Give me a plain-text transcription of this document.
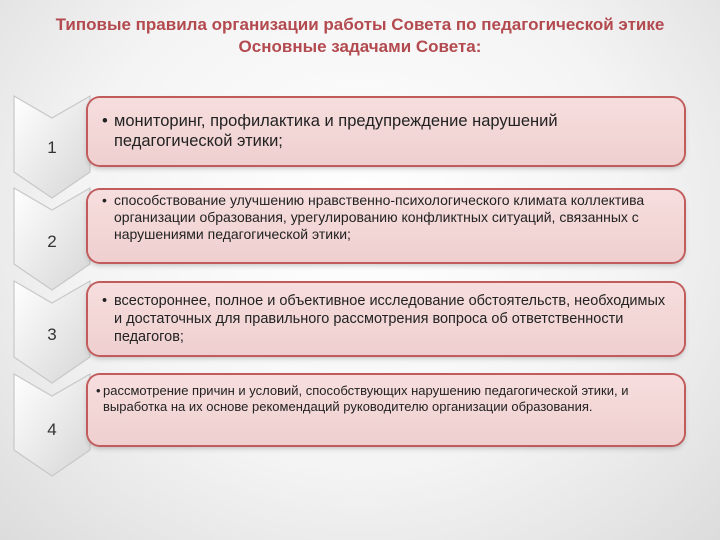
Типовые правила организации работы Совета по педагогической этике
Основные задачами Совета:
1
• мониторинг, профилактика и предупреждение нарушений педагогической этики;
2
• способствование улучшению нравственно-психологического климата коллектива организации образования, урегулированию конфликтных ситуаций, связанных с нарушениями педагогической этики;
3
• всестороннее, полное и объективное исследование обстоятельств, необходимых и достаточных для правильного рассмотрения вопроса об ответственности педагогов;
4
• рассмотрение причин и условий, способствующих нарушению педагогической этики, и выработка на их основе рекомендаций руководителю организации образования.
